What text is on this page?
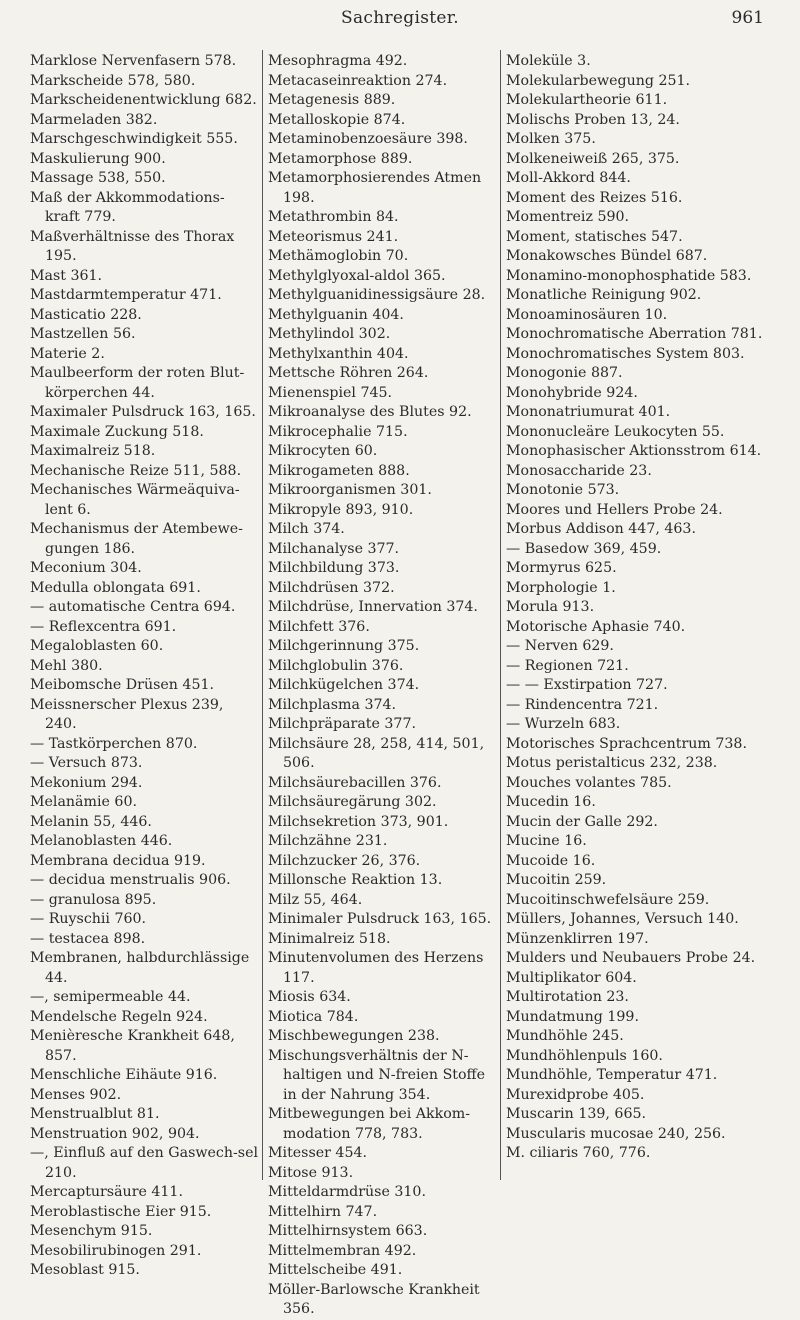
Sachregister.	961

Marklose Nervenfasern 578.

Markscheide 578, 580.

Markscheidenentwicklung 682.

Marmeladen 382.

Marschgeschwindigkeit 555.

Maskulierung 900.

Massage 538, 550.

Maß der Akkommodations-kraft 779.

Maßverhältnisse des Thorax 195.

Mast 361.

Mastdarmtemperatur 471.

Masticatio 228.

Mastzellen 56.

Materie 2.

Maulbeerform der roten Blut-körperchen 44.

Maximaler Pulsdruck 163, 165.

Maximale Zuckung 518.

Maximalreiz 518.

Mechanische Reize 511, 588.

Mechanisches Wärmeäquiva-lent 6.

Mechanismus der Atembewe-gungen 186.

Meconium 304.

Medulla oblongata 691.

— automatische Centra 694.

— Reflexcentra 691.

Megaloblasten 60.

Mehl 380.

Meibomsche Drüsen 451.

Meissnerscher Plexus 239, 240.

— Tastkörperchen 870.

— Versuch 873.

Mekonium 294.

Melanämie 60.

Melanin 55, 446.

Melanoblasten 446.

Membrana decidua 919.

— decidua menstrualis 906.

— granulosa 895.

— Ruyschii 760.

— testacea 898.

Membranen, halbdurchlässige 44.

—, semipermeable 44.

Mendelsche Regeln 924.

Menièresche Krankheit 648, 857.

Menschliche Eihäute 916.

Menses 902.

Menstrualblut 81.

Menstruation 902, 904.

—, Einfluß auf den Gaswech-sel 210.

Mercaptursäure 411.

Meroblastische Eier 915.

Mesenchym 915.

Mesobilirubinogen 291.

Mesoblast 915.

Mesophragma 492.

Metacaseinreaktion 274.

Metagenesis 889.

Metalloskopie 874.

Metaminobenzoesäure 398.

Metamorphose 889.

Metamorphosierendes Atmen 198.

Metathrombin 84.

Meteorismus 241.

Methämoglobin 70.

Methylglyoxal-aldol 365.

Methylguanidinessigsäure 28.

Methylguanin 404.

Methylindol 302.

Methylxanthin 404.

Mettsche Röhren 264.

Mienenspiel 745.

Mikroanalyse des Blutes 92.

Mikrocephalie 715.

Mikrocyten 60.

Mikrogameten 888.

Mikroorganismen 301.

Mikropyle 893, 910.

Milch 374.

Milchanalyse 377.

Milchbildung 373.

Milchdrüsen 372.

Milchdrüse, Innervation 374.

Milchfett 376.

Milchgerinnung 375.

Milchglobulin 376.

Milchkügelchen 374.

Milchplasma 374.

Milchpräparate 377.

Milchsäure 28, 258, 414, 501, 506.

Milchsäurebacillen 376.

Milchsäuregärung 302.

Milchsekretion 373, 901.

Milchzähne 231.

Milchzucker 26, 376.

Millonsche Reaktion 13.

Milz 55, 464.

Minimaler Pulsdruck 163, 165.

Minimalreiz 518.

Minutenvolumen des Herzens 117.

Miosis 634.

Miotica 784.

Mischbewegungen 238.

Mischungsverhältnis der N-haltigen und N-freien Stoffe in der Nahrung 354.

Mitbewegungen bei Akkom-modation 778, 783.

Mitesser 454.

Mitose 913.

Mitteldarmdrüse 310.

Mittelhirn 747.

Mittelhirnsystem 663.

Mittelmembran 492.

Mittelscheibe 491.

Möller-Barlowsche Krankheit 356.

Moleküle 3.

Molekularbewegung 251.

Molekulartheorie 611.

Molischs Proben 13, 24.

Molken 375.

Molkeneiweiß 265, 375.

Moll-Akkord 844.

Moment des Reizes 516.

Momentreiz 590.

Moment, statisches 547.

Monakowsches Bündel 687.

Monamino-monophosphatide 583.

Monatliche Reinigung 902.

Monoaminosäuren 10.

Monochromatische Aberration 781.

Monochromatisches System 803.

Monogonie 887.

Monohybride 924.

Mononatriumurat 401.

Mononucleäre Leukocyten 55.

Monophasischer Aktionsstrom 614.

Monosaccharide 23.

Monotonie 573.

Moores und Hellers Probe 24.

Morbus Addison 447, 463.

— Basedow 369, 459.

Mormyrus 625.

Morphologie 1.

Morula 913.

Motorische Aphasie 740.

— Nerven 629.

— Regionen 721.

— — Exstirpation 727.

— Rindencentra 721.

— Wurzeln 683.

Motorisches Sprachcentrum 738.

Motus peristalticus 232, 238.

Mouches volantes 785.

Mucedin 16.

Mucin der Galle 292.

Mucine 16.

Mucoide 16.

Mucoitin 259.

Mucoitinschwefelsäure 259.

Müllers, Johannes, Versuch 140.

Münzenklirren 197.

Mulders und Neubauers Probe 24.

Multiplikator 604.

Multirotation 23.

Mundatmung 199.

Mundhöhle 245.

Mundhöhlenpuls 160.

Mundhöhle, Temperatur 471.

Murexidprobe 405.

Muscarin 139, 665.

Muscularis mucosae 240, 256.

M. ciliaris 760, 776.
